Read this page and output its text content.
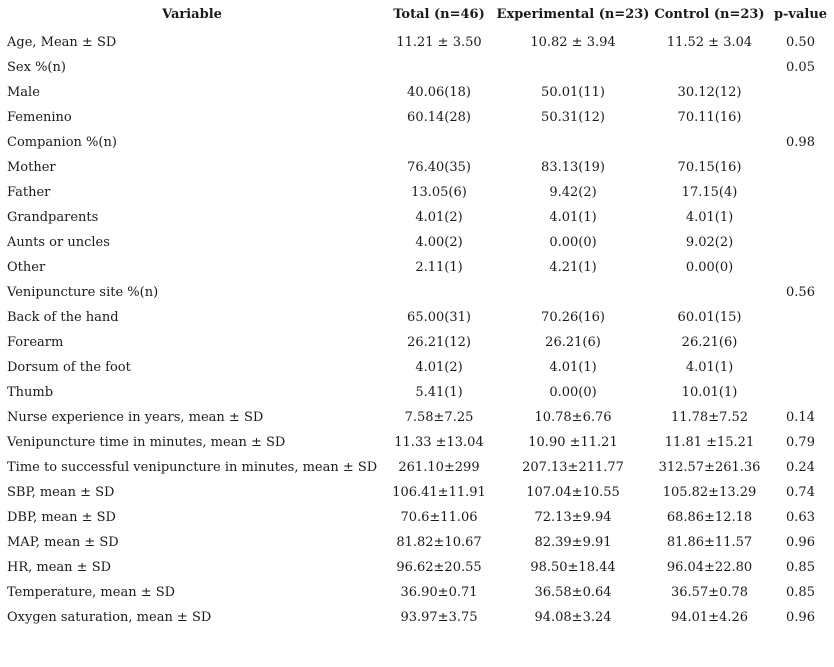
Variable	Total (n=46)	Experimental (n=23)	Control (n=23)	p-value
Age, Mean ± SD	11.21 ± 3.50	10.82 ± 3.94	11.52 ± 3.04	0.50
Sex %(n)				0.05
Male	40.06(18)	50.01(11)	30.12(12)	
Femenino	60.14(28)	50.31(12)	70.11(16)	
Companion %(n)				0.98
Mother	76.40(35)	83.13(19)	70.15(16)	
Father	13.05(6)	9.42(2)	17.15(4)	
Grandparents	4.01(2)	4.01(1)	4.01(1)	
Aunts or uncles	4.00(2)	0.00(0)	9.02(2)	
Other	2.11(1)	4.21(1)	0.00(0)	
Venipuncture site %(n)				0.56
Back of the hand	65.00(31)	70.26(16)	60.01(15)	
Forearm	26.21(12)	26.21(6)	26.21(6)	
Dorsum of the foot	4.01(2)	4.01(1)	4.01(1)	
Thumb	5.41(1)	0.00(0)	10.01(1)	
Nurse experience in years, mean ± SD	7.58±7.25	10.78±6.76	11.78±7.52	0.14
Venipuncture time in minutes, mean ± SD	11.33 ±13.04	10.90 ±11.21	11.81 ±15.21	0.79
Time to successful venipuncture in minutes, mean ± SD	261.10±299	207.13±211.77	312.57±261.36	0.24
SBP, mean ± SD	106.41±11.91	107.04±10.55	105.82±13.29	0.74
DBP, mean ± SD	70.6±11.06	72.13±9.94	68.86±12.18	0.63
MAP, mean ± SD	81.82±10.67	82.39±9.91	81.86±11.57	0.96
HR, mean ± SD	96.62±20.55	98.50±18.44	96.04±22.80	0.85
Temperature, mean ± SD	36.90±0.71	36.58±0.64	36.57±0.78	0.85
Oxygen saturation, mean ± SD	93.97±3.75	94.08±3.24	94.01±4.26	0.96
